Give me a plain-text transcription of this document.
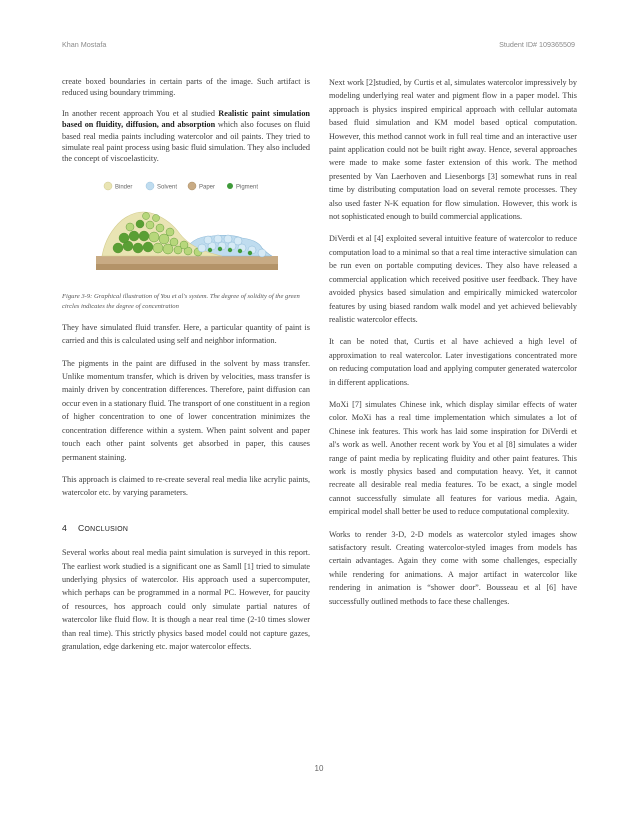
Khan Mostafa	Student ID# 109365509

create boxed boundaries in certain parts of the image. Such artifact is reduced using boundary trimming.

In another recent approach You et al studied Realistic paint simulation based on fluidity, diffusion, and absorption which also focuses on fluid based real media paints including watercolor and oil paints. They tried to simulate real paint process using basic fluid simulation. They also included the concept of viscoelasticity.

Binder	Solvent	Paper	Pigment

Figure 3-9: Graphical illustration of You et al's system. The degree of solidity of the green circles indicates the degree of concentration

They have simulated fluid transfer. Here, a particular quantity of paint is carried and this is calculated using self and neighbor information.

The pigments in the paint are diffused in the solvent by mass transfer. Unlike momentum transfer, which is driven by velocities, mass transfer is mainly driven by concentration differences. Therefore, paint diffusion can occur even in a stationary fluid. The transport of one constituent in a region of higher concentration to one of lower concentration minimizes the concentration difference within a system. When paint solvent and paper touch each other paint solvents get absorbed in paper, this causes permanent staining.

This approach is claimed to re-create several real media like acrylic paints, watercolor etc. by varying parameters.

4 CONCLUSION

Several works about real media paint simulation is surveyed in this report. The earliest work studied is a significant one as Samll [1] tried to simulate underlying physics of watercolor. His approach used a supercomputer, which perhaps can be programmed in a normal PC. However, for paucity of resources, hos approach could only simulate partial natures of watercolor like fluid flow. It is though a near real time (2-10 times slower than real time). This strictly physics based model could not capture gazes, granulation, edge darkening etc. major watercolor effects.

Next work [2]studied, by Curtis et al, simulates watercolor impressively by modeling underlying real water and pigment flow in a paper model. This approach is physics inspired empirical approach with cellular automata based fluid simulation and KM model based optical computation. However, this method cannot work in full real time and an interactive user paint application could not be built right away. Hence, several approaches were made to make some faster extension of this work. The method presented by Van Laerhoven and Liesenborgs [3] somewhat runs in real time by distributing computation load on several remote processes. They also used faster N-K equation for flow simulation. However, this work is not sophisticated enough to build commercial applications.

DiVerdi et al [4] exploited several intuitive feature of watercolor to reduce computation load to a minimal so that a real time interactive simulation can be run even on portable computing devices. They also have released a commercial application which received positive user feedback. They have avoided physics based simulation and empirically mimicked watercolor features by using biased random walk model and yet achieved believably realistic watercolor effects.

It can be noted that, Curtis et al have achieved a high level of approximation to real watercolor. Later investigations concentrated more on reducing computation load and applying computer generated watercolor in different applications.

MoXi [7] simulates Chinese ink, which display similar effects of water color. MoXi has a real time implementation which simulates a lot of Chinese ink features. This work has laid some inspiration for DiVerdi et al's work as well. Another recent work by You et al [8] simulates a wider range of paint media by replicating fluidity and other paint features. This work is mostly physics based and computation heavy. Yet, it cannot recreate all desirable real media features. To be exact, a single model cannot successfully simulate all features for various media. Again, empirical model shall better be used to reduce computational complexity.

Works to render 3-D, 2-D models as watercolor styled images show satisfactory result. Creating watercolor-styled images from models has certain advantages. Again they come with some challenges, especially while rendering for animations. A major artifact in watercolor like rendering in animation is “shower door”. Bousseau et al [6] have successfully outlined methods to face these challenges.

10
